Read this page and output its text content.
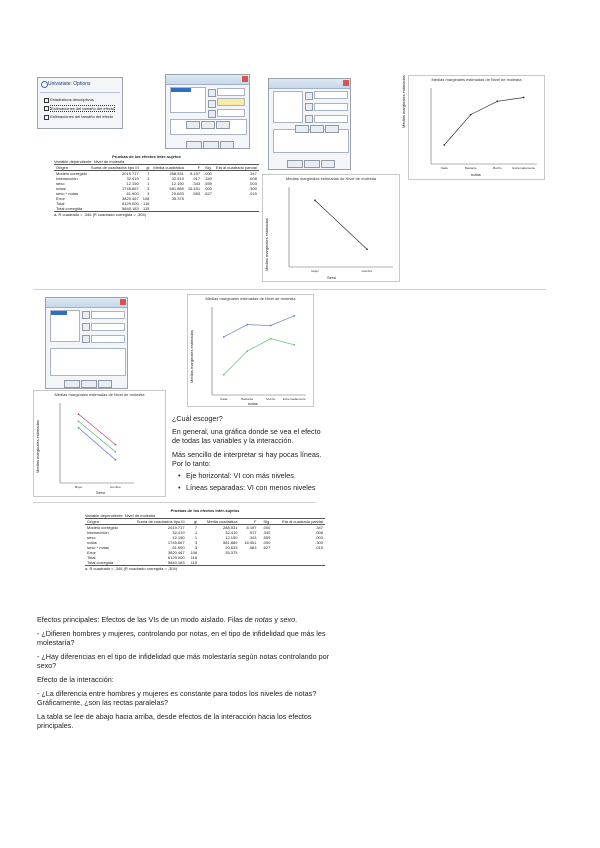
Univariate: Options
Estadísticos descriptivos
Estimaciones del tamaño del efecto
Estimaciones del tamaño del efecto
Medias marginales estimadas de Nivel de molestia
Nada	Bastante	Mucho	Extremadamente
notas
Medias marginales estimadas
Pruebas de los efectos inter-sujetos
Variable dependiente: Nivel de molestia
Origen	Suma de cuadrados tipo III	gl	Media cuadrática	F	Sig.	Eta al cuadrado parcial
Modelo corregido	2019.717	7	288.531	8.157	.000	.347
Intersección	32.419	1	32.419	.917	.340	.008
sexo	12.150	1	12.150	.343	.559	.003
notas	1745.667	3	581.889	16.451	.000	.300
sexo * notas	61.900	3	20.633	.583	.627	.015
Error	3820.467	108	35.375			
Total	6129.000	116				
Total corregida	5840.183	115				
a. R cuadrado = ,346 (R cuadrado corregida = ,304)
Medias marginales estimadas de Nivel de molestia
Mujer	Hombre
Sexo
Medias marginales estimadas
Medias marginales estimadas de Nivel de molestia
Nada	Bastante	Mucho	Extremadamente
notas
Medias marginales estimadas
Medias marginales estimadas de Nivel de molestia
Mujer	Hombre
Sexo
Medias marginales estimadas

¿Cuál escoger?

En general, una gráfica donde se vea el efecto de todas las variables y la interacción.

Más sencillo de interpretar si hay pocas líneas. Por lo tanto:

• Eje horizontal: VI con más niveles.
• Líneas separadas: VI con menos niveles
Pruebas de los efectos inter-sujetos
Variable dependiente: Nivel de molestia
Origen	Suma de cuadrados tipo III	gl	Media cuadrática	F	Sig.	Eta al cuadrado parcial
Modelo corregido	2019.717	7	288.531	8.157	.000	.347
Intersección	32.419	1	32.419	.917	.340	.008
sexo	12.150	1	12.150	.343	.559	.003
notas	1745.667	3	581.889	16.451	.000	.300
sexo * notas	61.900	3	20.633	.583	.627	.015
Error	3820.467	108	35.375			
Total	6129.000	116				
Total corregida	5840.183	115				
a. R cuadrado = ,346 (R cuadrado corregida = ,304)

Efectos principales: Efectos de las VIs de un modo aislado. Filas de notas y sexo.

- ¿Difieren hombres y mujeres, controlando por notas, en el tipo de infidelidad que más les molestaría?

- ¿Hay diferencias en el tipo de infidelidad que más molestaría según notas controlando por sexo?

Efecto de la interacción:

- ¿La diferencia entre hombres y mujeres es constante para todos los niveles de notas? Gráficamente, ¿son las rectas paralelas?

La tabla se lee de abajo hacia arriba, desde efectos de la interacción hacia los efectos principales.
